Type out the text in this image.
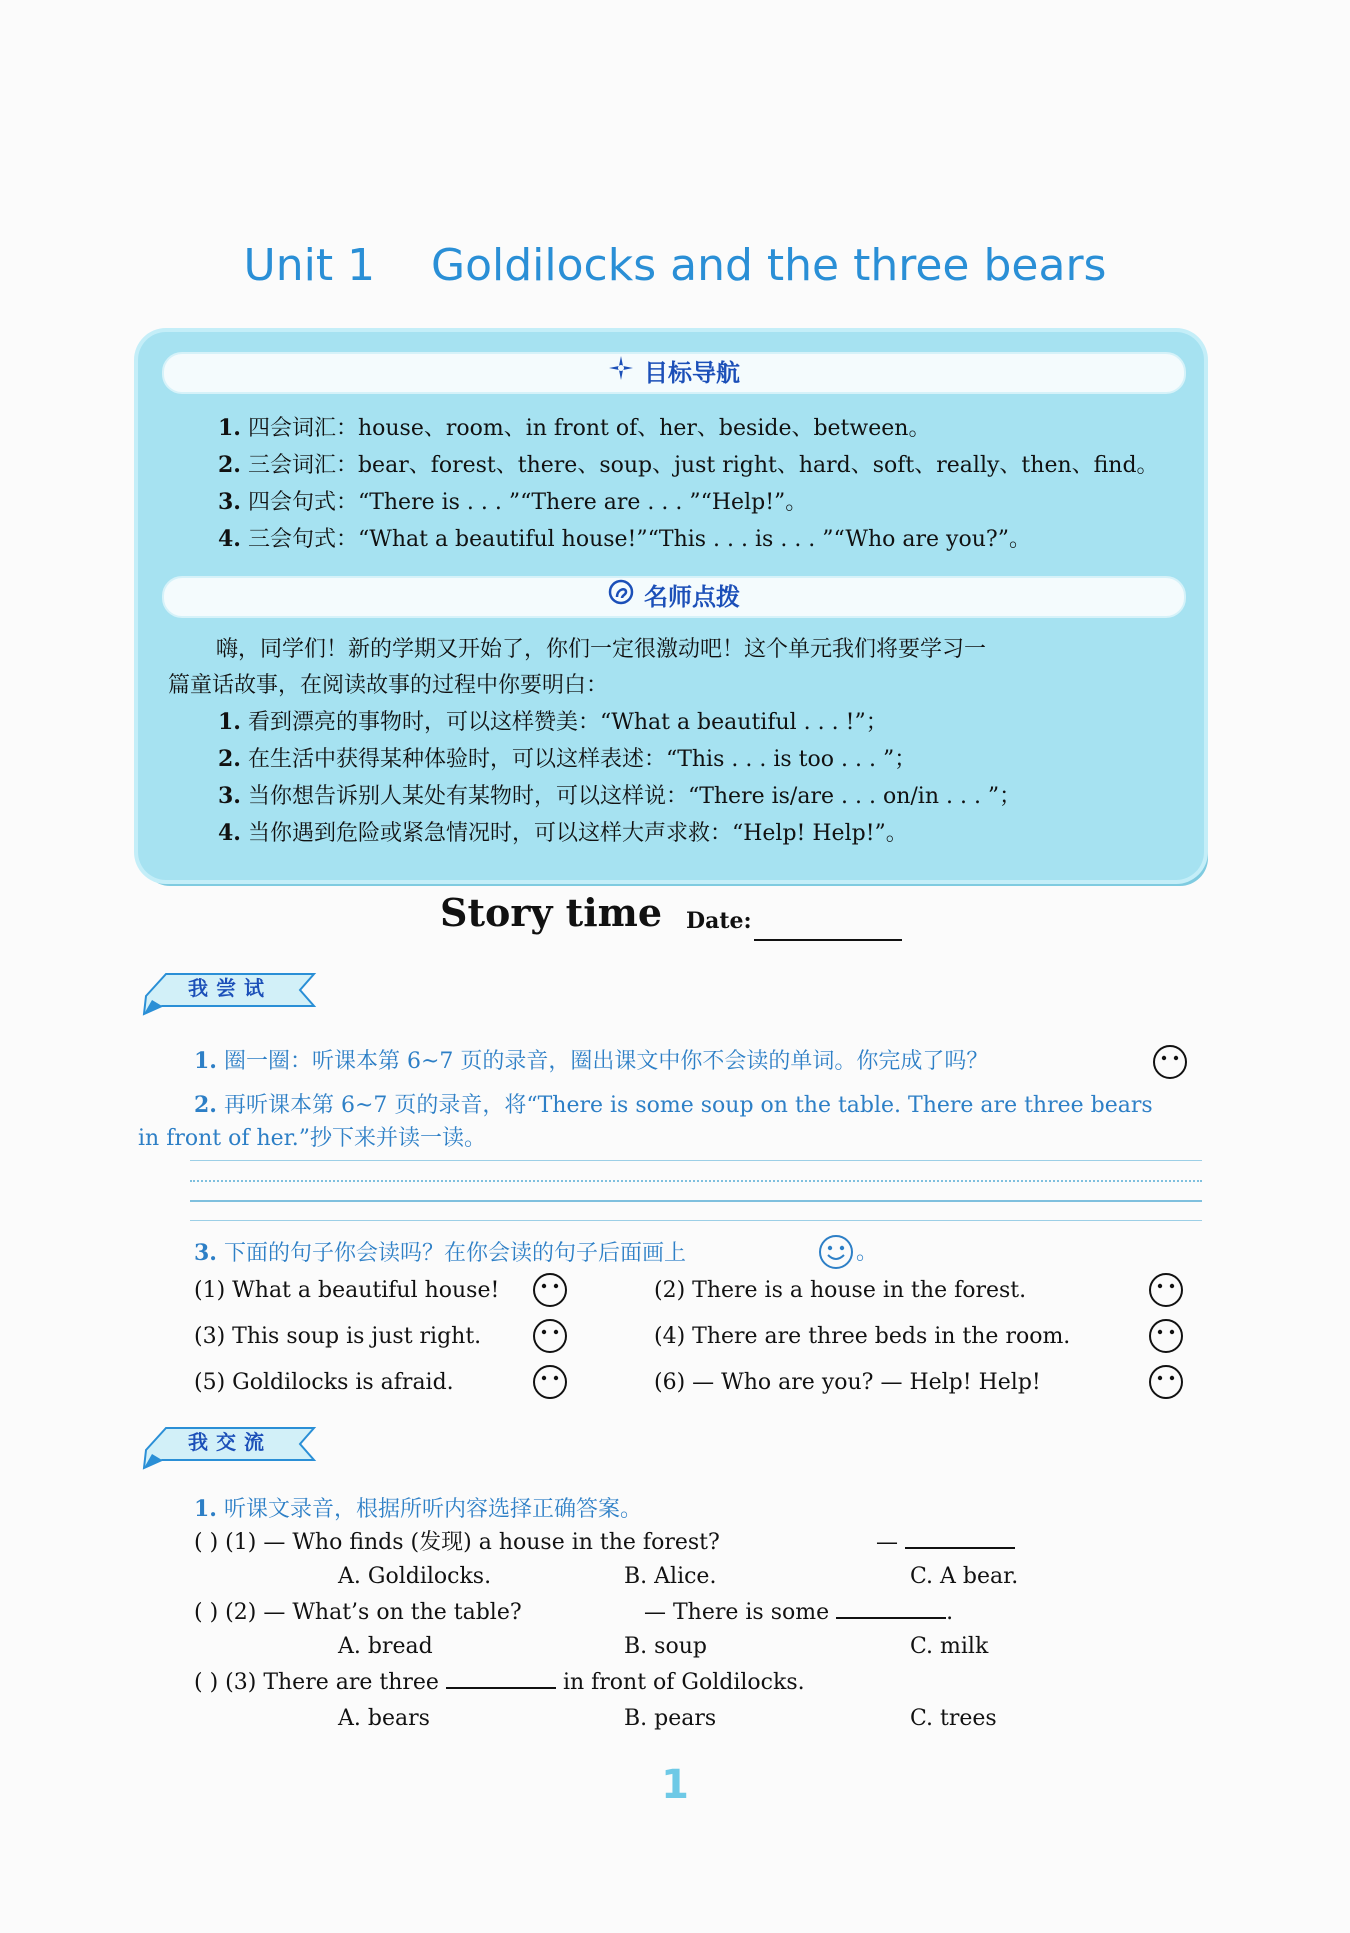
Unit 1    Goldilocks and the three bears
目标导航
1. 四会词汇：house、room、in front of、her、beside、between。
2. 三会词汇：bear、forest、there、soup、just right、hard、soft、really、then、find。
3. 四会句式：“There is . . . ”“There are . . . ”“Help!”。
4. 三会句式：“What a beautiful house!”“This . . . is . . . ”“Who are you?”。
名师点拨
嗨，同学们！新的学期又开始了，你们一定很激动吧！这个单元我们将要学习一
篇童话故事，在阅读故事的过程中你要明白：
1. 看到漂亮的事物时，可以这样赞美：“What a beautiful . . . !”；
2. 在生活中获得某种体验时，可以这样表述：“This . . . is too . . . ”；
3. 当你想告诉别人某处有某物时，可以这样说：“There is/are . . . on/in . . . ”；
4. 当你遇到危险或紧急情况时，可以这样大声求救：“Help! Help!”。
Story time Date:
我尝试
1. 圈一圈：听课本第 6~7 页的录音，圈出课文中你不会读的单词。你完成了吗？
2. 再听课本第 6~7 页的录音，将“There is some soup on the table. There are three bears
in front of her.”抄下来并读一读。
3. 下面的句子你会读吗？在你会读的句子后面画上	。
(1) What a beautiful house!	(2) There is a house in the forest.
(3) This soup is just right.	(4) There are three beds in the room.
(5) Goldilocks is afraid.	(6) — Who are you? — Help! Help!
我交流
1. 听课文录音，根据所听内容选择正确答案。
( ) (1) — Who finds (发现) a house in the forest?	—
A. Goldilocks.	B. Alice.	C. A bear.
( ) (2) — What’s on the table?	— There is some	.
A. bread	B. soup	C. milk
( ) (3) There are three	in front of Goldilocks.
A. bears	B. pears	C. trees
1
